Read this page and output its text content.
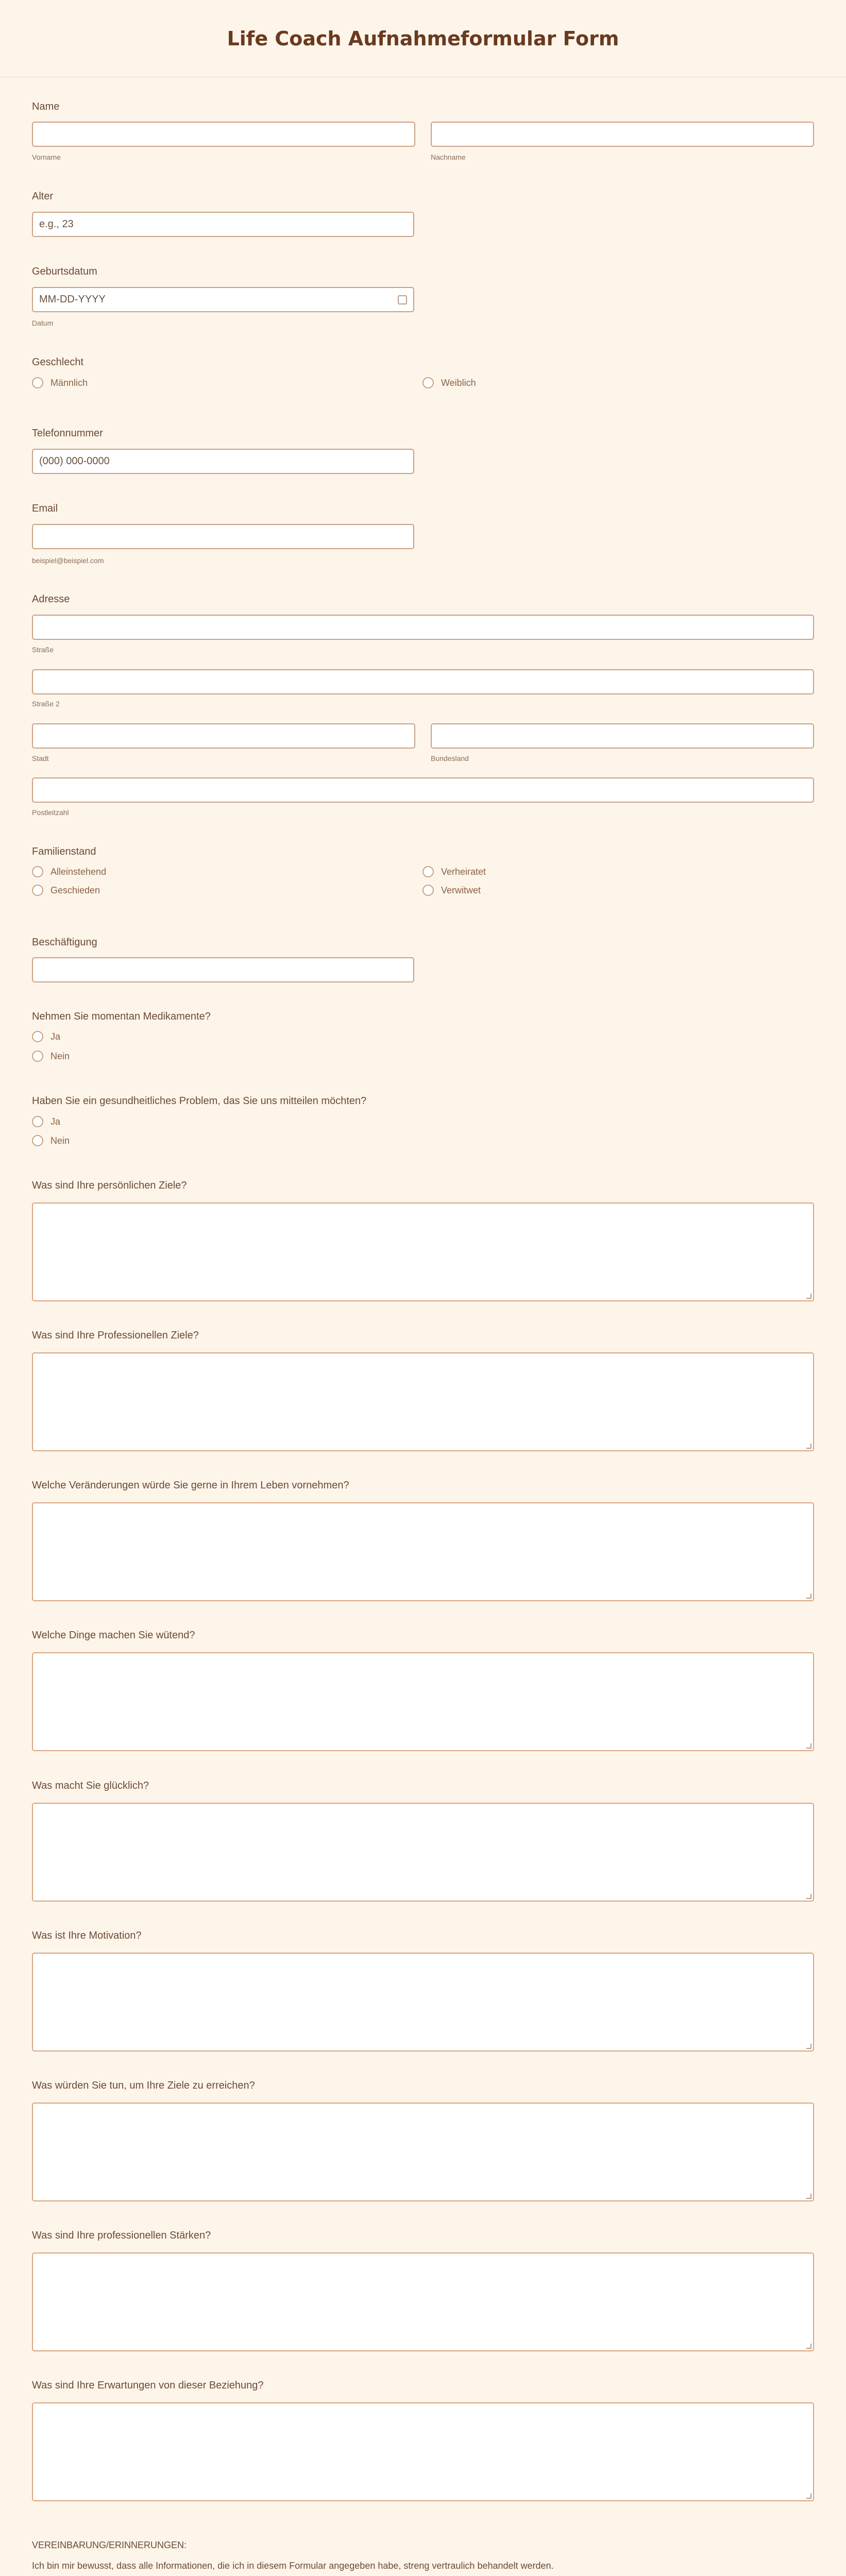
Life Coach Aufnahmeformular Form
Name
Vorname	Nachname
Alter
e.g., 23
Geburtsdatum
MM-DD-YYYY
Datum
Geschlecht
Männlich	Weiblich
Telefonnummer
(000) 000-0000
Email
beispiel@beispiel.com
Adresse
Straße
Straße 2
Stadt	Bundesland
Postleitzahl
Familienstand
Alleinstehend	Verheiratet
Geschieden	Verwitwet
Beschäftigung
Nehmen Sie momentan Medikamente?
Ja
Nein
Haben Sie ein gesundheitliches Problem, das Sie uns mitteilen möchten?
Ja
Nein
Was sind Ihre persönlichen Ziele?
Was sind Ihre Professionellen Ziele?
Welche Veränderungen würde Sie gerne in Ihrem Leben vornehmen?
Welche Dinge machen Sie wütend?
Was macht Sie glücklich?
Was ist Ihre Motivation?
Was würden Sie tun, um Ihre Ziele zu erreichen?
Was sind Ihre professionellen Stärken?
Was sind Ihre Erwartungen von dieser Beziehung?
VEREINBARUNG/ERINNERUNGEN:
Ich bin mir bewusst, dass alle Informationen, die ich in diesem Formular angegeben habe, streng vertraulich behandelt werden.
